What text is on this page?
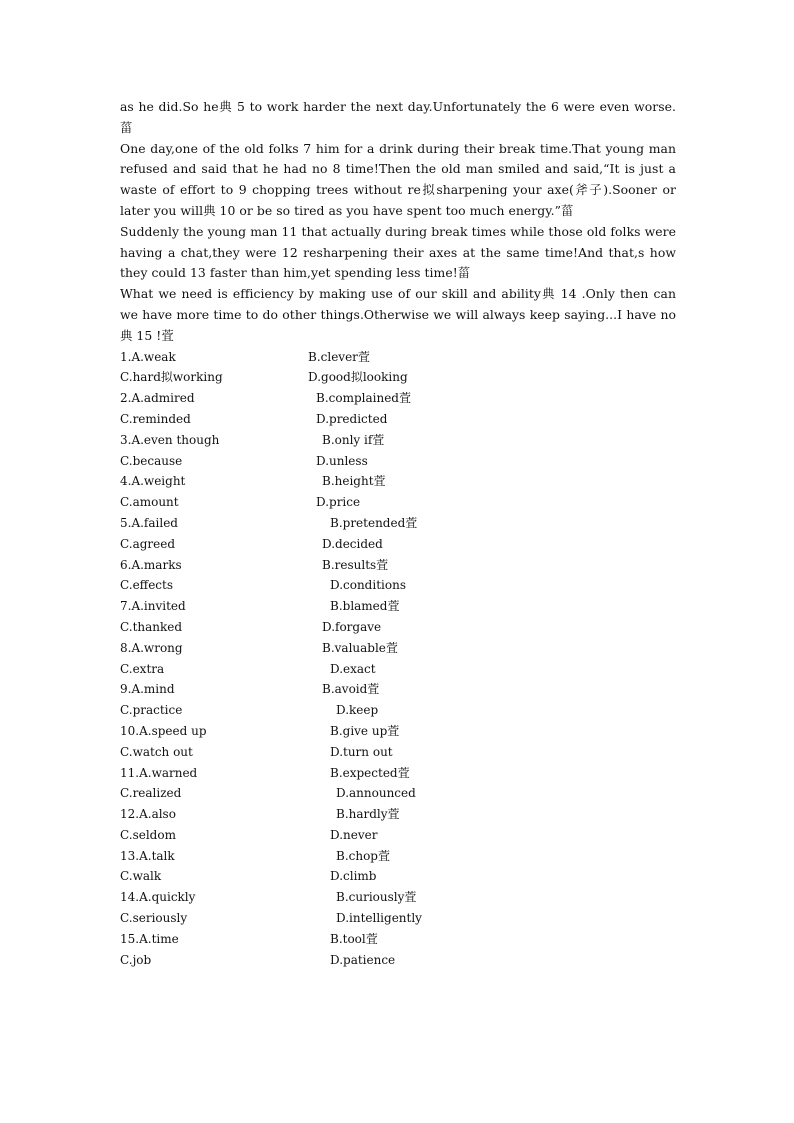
as he did.So he典 5 to work harder the next day.Unfortunately the 6 were even worse.菑

One day,one of the old folks 7 him for a drink during their break time.That young man refused and said that he had no 8 time!Then the old man smiled and said,“It is just a waste of effort to 9 chopping trees without re拟sharpening your axe(斧子).Sooner or later you will典 10 or be so tired as you have spent too much energy.”菑

Suddenly the young man 11 that actually during break times while those old folks were having a chat,they were 12 resharpening their axes at the same time!And that,s how they could 13 faster than him,yet spending less time!菑

What we need is efficiency by making use of our skill and ability典 14 .Only then can we have more time to do other things.Otherwise we will always keep saying...I have no典 15 !萓

1.A.weak	B.clever萓
C.hard拟working	D.good拟looking
2.A.admired	B.complained萓
C.reminded	D.predicted
3.A.even though	B.only if萓
C.because	D.unless
4.A.weight	B.height萓
C.amount	D.price
5.A.failed	B.pretended萓
C.agreed	D.decided
6.A.marks	B.results萓
C.effects	D.conditions
7.A.invited	B.blamed萓
C.thanked	D.forgave
8.A.wrong	B.valuable萓
C.extra	D.exact
9.A.mind	B.avoid萓
C.practice	D.keep
10.A.speed up	B.give up萓
C.watch out	D.turn out
11.A.warned	B.expected萓
C.realized	D.announced
12.A.also	B.hardly萓
C.seldom	D.never
13.A.talk	B.chop萓
C.walk	D.climb
14.A.quickly	B.curiously萓
C.seriously	D.intelligently
15.A.time	B.tool萓
C.job	D.patience
